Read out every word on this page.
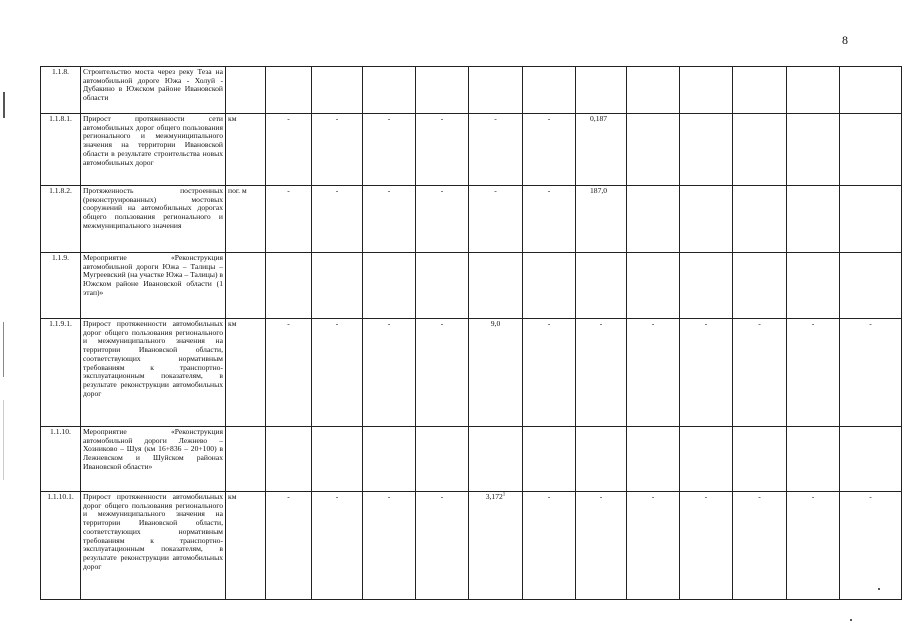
8
1.1.8.	Строительство моста через реку Теза на автомобильной дороге Южа - Холуй - Дубакино в Южском районе Ивановской области													
1.1.8.1.	Прирост протяженности сети автомобильных дорог общего пользования регионального и межмуниципального значения на территории Ивановской области в результате строительства новых автомобильных дорог	км	-	-	-	-	-	-	0,187					
1.1.8.2.	Протяженность построенных (реконструированных) мостовых сооружений на автомобильных дорогах общего пользования регионального и межмуниципального значения	пог. м	-	-	-	-	-	-	187,0					
1.1.9.	Мероприятие «Реконструкция автомобильной дороги Южа – Талицы – Мугреевский (на участке Южа – Талицы) в Южском районе Ивановской области (1 этап)»													
1.1.9.1.	Прирост протяженности автомобильных дорог общего пользования регионального и межмуниципального значения на территории Ивановской области, соответствующих нормативным требованиям к транспортно-эксплуатационным показателям, в результате реконструкции автомобильных дорог	км	-	-	-	-	9,0	-	-	-	-	-	-	-
1.1.10.	Мероприятие «Реконструкция автомобильной дороги Лежнево – Хозниково – Шуя (км 16+836 – 20+100) в Лежневском и Шуйском районах Ивановской области»													
1.1.10.1.	Прирост протяженности автомобильных дорог общего пользования регионального и межмуниципального значения на территории Ивановской области, соответствующих нормативным требованиям к транспортно-эксплуатационным показателям, в результате реконструкции автомобильных дорог	км	-	-	-	-	3,172$^1$	-	-	-	-	-	-	-
